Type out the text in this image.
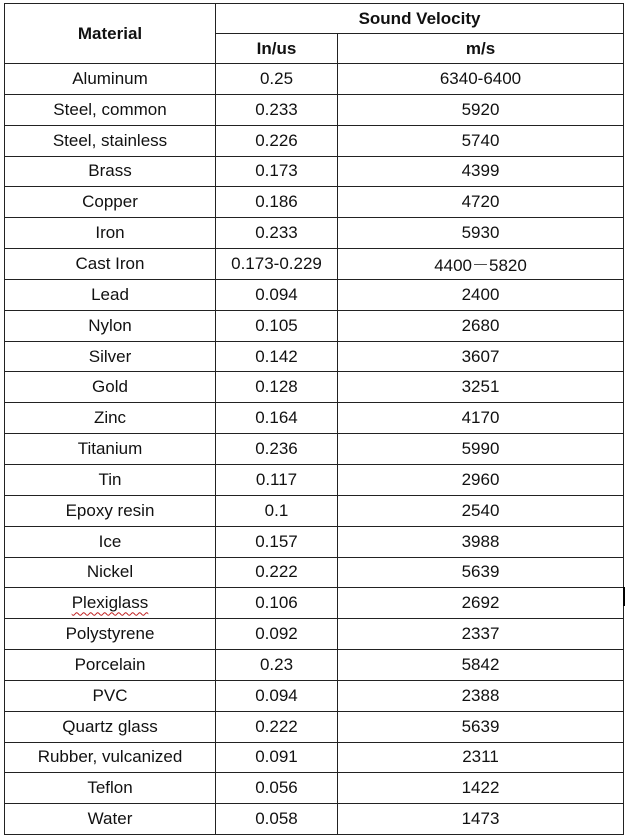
Material	Sound Velocity	
	In/us	m/s
Aluminum	0.25	6340-6400
Steel, common	0.233	5920
Steel, stainless	0.226	5740
Brass	0.173	4399
Copper	0.186	4720
Iron	0.233	5930
Cast Iron	0.173-0.229	4400－5820
Lead	0.094	2400
Nylon	0.105	2680
Silver	0.142	3607
Gold	0.128	3251
Zinc	0.164	4170
Titanium	0.236	5990
Tin	0.117	2960
Epoxy resin	0.1	2540
Ice	0.157	3988
Nickel	0.222	5639
Plexiglass	0.106	2692
Polystyrene	0.092	2337
Porcelain	0.23	5842
PVC	0.094	2388
Quartz glass	0.222	5639
Rubber, vulcanized	0.091	2311
Teflon	0.056	1422
Water	0.058	1473
